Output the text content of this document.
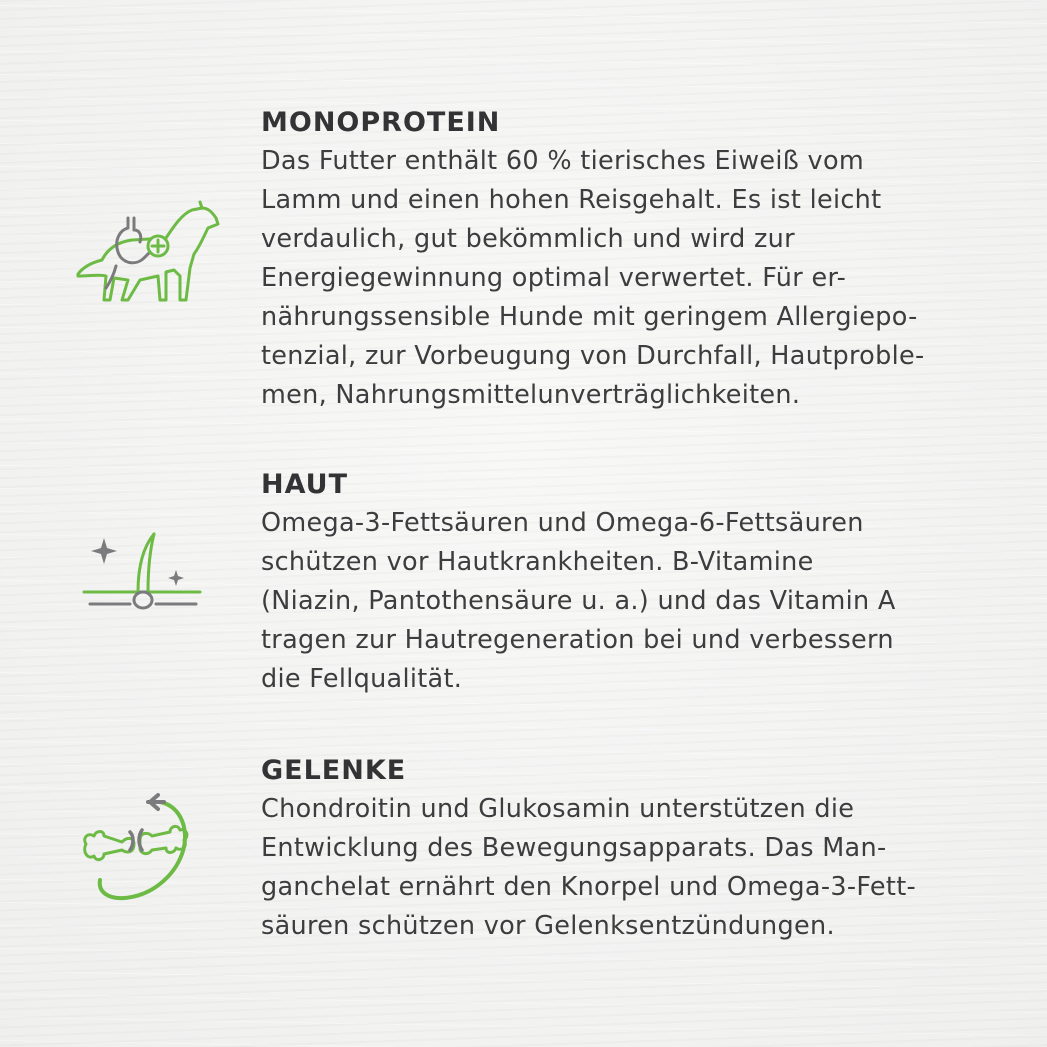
MONOPROTEIN
Das Futter enthält 60 % tierisches Eiweiß vom
Lamm und einen hohen Reisgehalt. Es ist leicht
verdaulich, gut bekömmlich und wird zur
Energiegewinnung optimal verwertet. Für er-
nährungssensible Hunde mit geringem Allergiepo-
tenzial, zur Vorbeugung von Durchfall, Hautproble-
men, Nahrungsmittelunverträglichkeiten.
HAUT
Omega-3-Fettsäuren und Omega-6-Fettsäuren
schützen vor Hautkrankheiten. B-Vitamine
(Niazin, Pantothensäure u. a.) und das Vitamin A
tragen zur Hautregeneration bei und verbessern
die Fellqualität.
GELENKE
Chondroitin und Glukosamin unterstützen die
Entwicklung des Bewegungsapparats. Das Man-
ganchelat ernährt den Knorpel und Omega-3-Fett-
säuren schützen vor Gelenksentzündungen.
